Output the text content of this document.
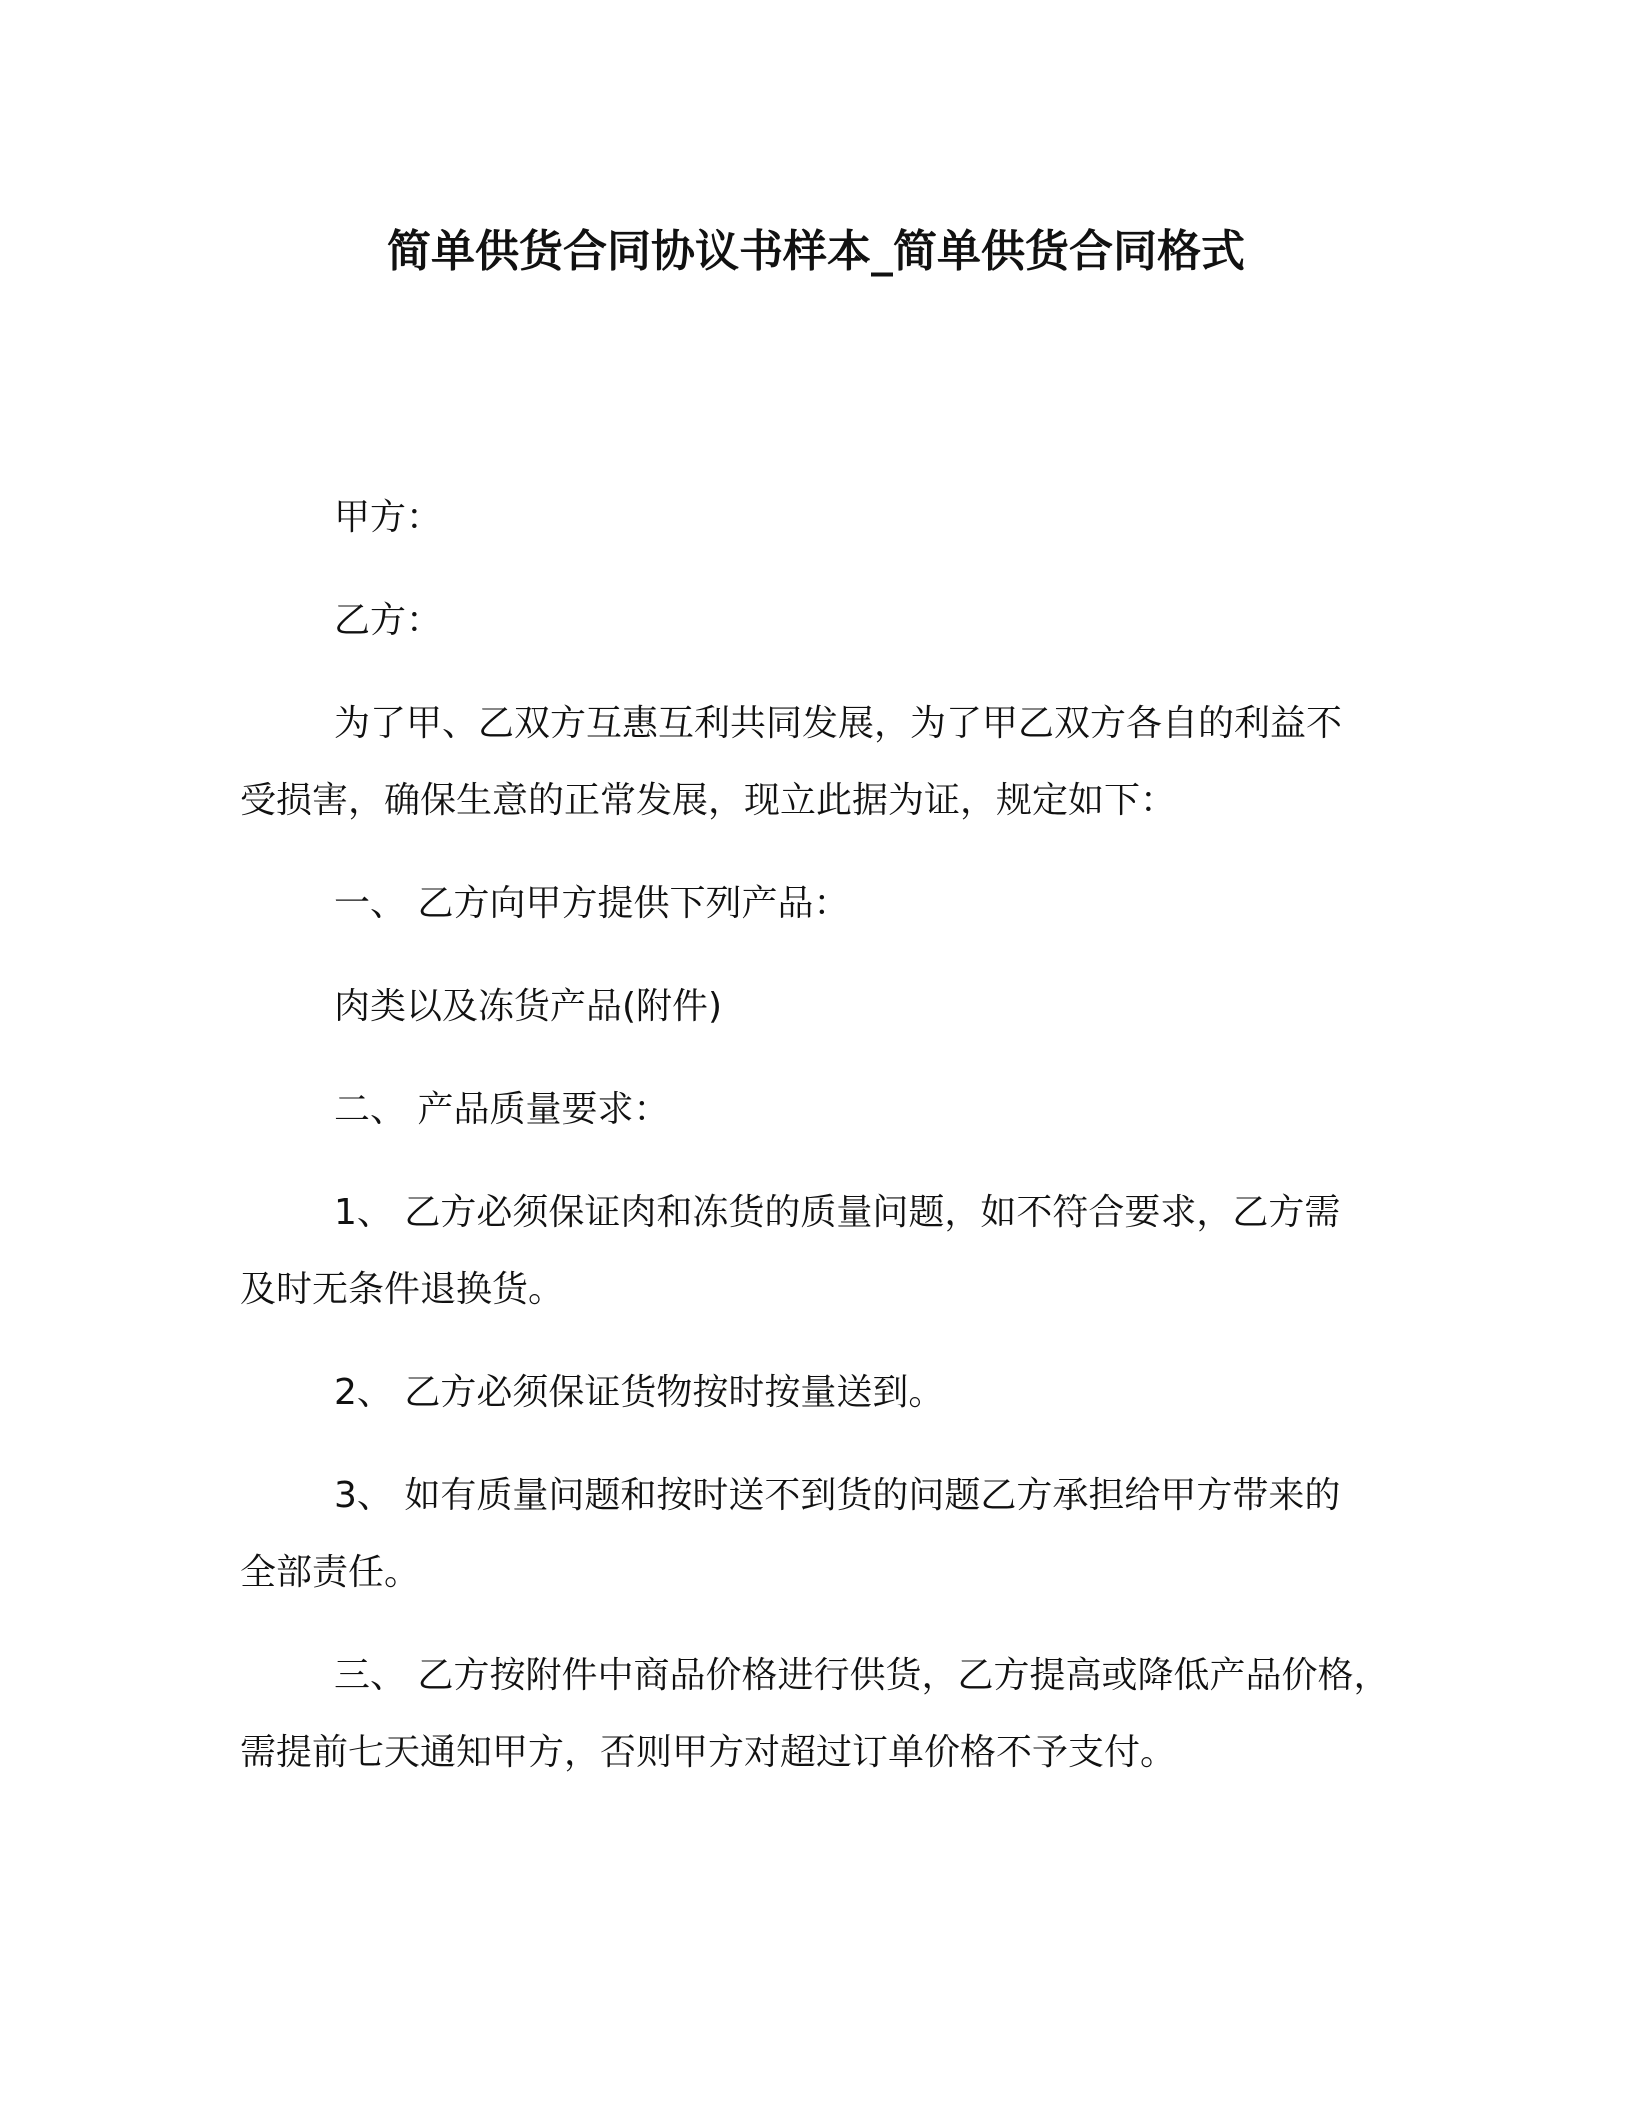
简单供货合同协议书样本_简单供货合同格式
甲方：
乙方：
为了甲、乙双方互惠互利共同发展，为了甲乙双方各自的利益不
受损害，确保生意的正常发展，现立此据为证，规定如下：
一、 乙方向甲方提供下列产品：
肉类以及冻货产品(附件)
二、 产品质量要求：
1、 乙方必须保证肉和冻货的质量问题，如不符合要求，乙方需
及时无条件退换货。
2、 乙方必须保证货物按时按量送到。
3、 如有质量问题和按时送不到货的问题乙方承担给甲方带来的
全部责任。
三、 乙方按附件中商品价格进行供货，乙方提高或降低产品价格，
需提前七天通知甲方，否则甲方对超过订单价格不予支付。
